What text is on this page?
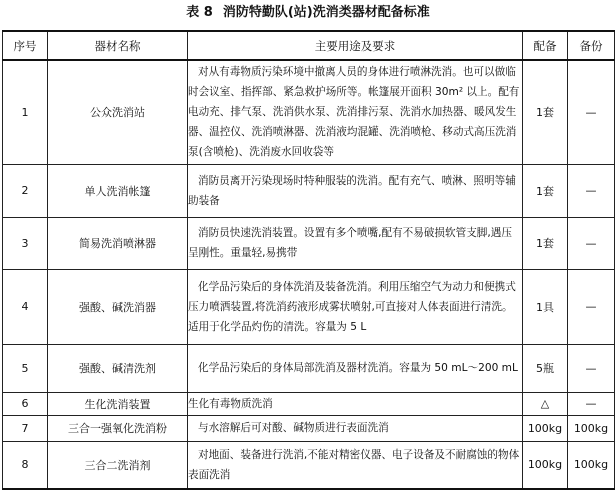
表 8 消防特勤队(站)洗消类器材配备标准
序号	器材名称	主要用途及要求	配备	备份
1	公众洗消站	对从有毒物质污染环境中撤离人员的身体进行喷淋洗消。也可以做临时会议室、指挥部、紧急救护场所等。帐篷展开面积 30m² 以上。配有电动充、排气泵、洗消供水泵、洗消排污泵、洗消水加热器、暖风发生器、温控仪、洗消喷淋器、洗消液均混罐、洗消喷枪、移动式高压洗消泵(含喷枪)、洗消废水回收袋等	1套	—
2	单人洗消帐篷	消防员离开污染现场时特种服装的洗消。配有充气、喷淋、照明等辅助装备	1套	—
3	简易洗消喷淋器	消防员快速洗消装置。设置有多个喷嘴,配有不易破损软管支脚,遇压呈刚性。重量轻,易携带	1套	—
4	强酸、碱洗消器	化学品污染后的身体洗消及装备洗消。利用压缩空气为动力和便携式压力喷洒装置,将洗消药液形成雾状喷射,可直接对人体表面进行清洗。适用于化学品灼伤的清洗。容量为 5 L	1具	—
5	强酸、碱清洗剂	化学品污染后的身体局部洗消及器材洗消。容量为 50 mL～200 mL	5瓶	—
6	生化洗消装置	生化有毒物质洗消	△	—
7	三合一强氧化洗消粉	与水溶解后可对酸、碱物质进行表面洗消	100kg	100kg
8	三合二洗消剂	对地面、装备进行洗消,不能对精密仪器、电子设备及不耐腐蚀的物体表面洗消	100kg	100kg
